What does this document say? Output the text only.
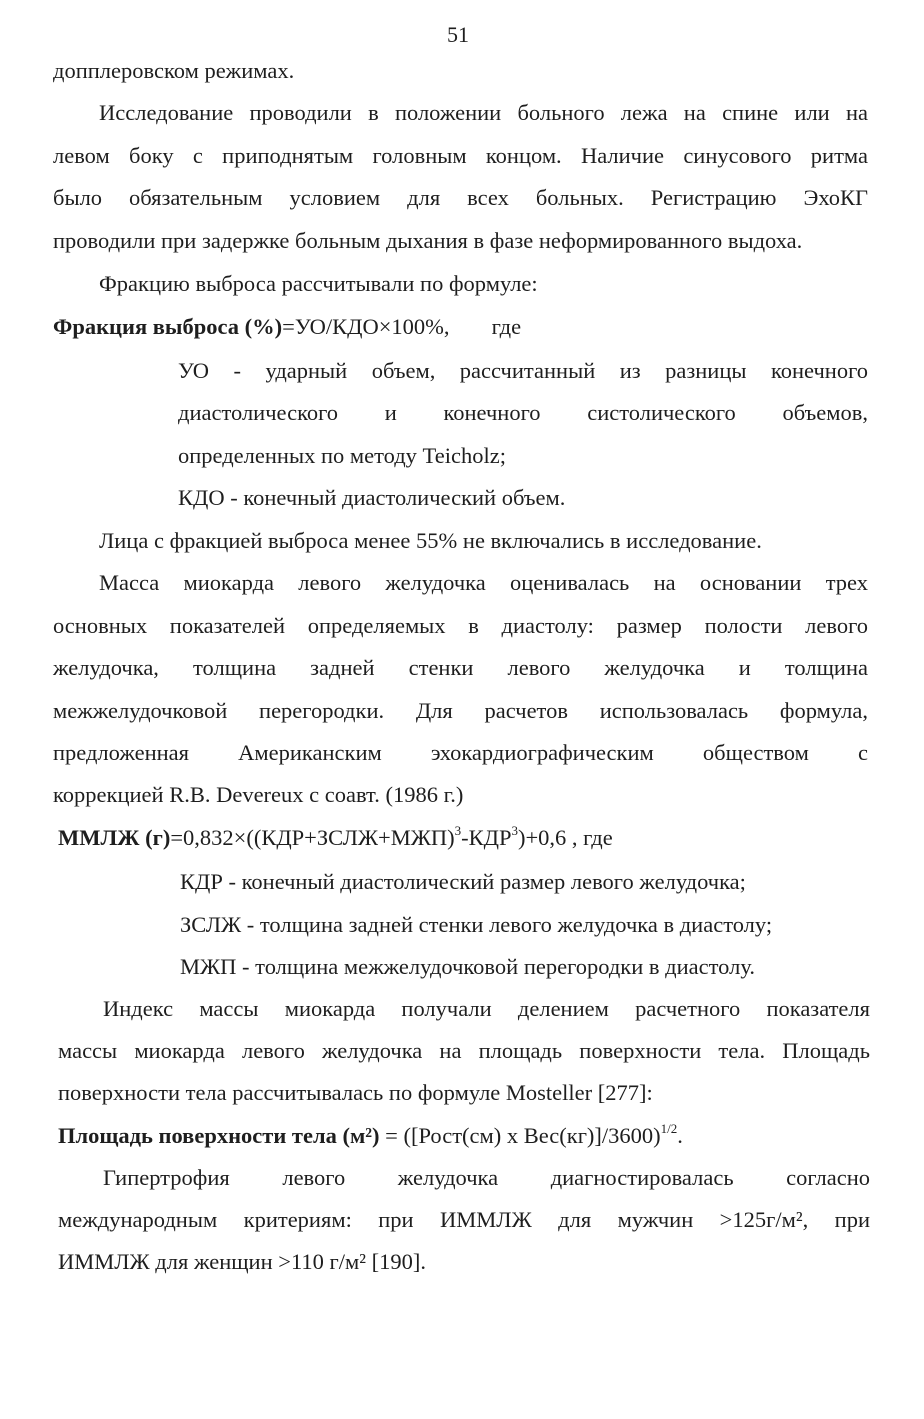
51
допплеровском режимах.
Исследование проводили в положении больного лежа на спине или на
левом боку с приподнятым головным концом. Наличие синусового ритма
было обязательным условием для всех больных. Регистрацию ЭхоКГ
проводили при задержке больным дыхания в фазе неформированного выдоха.
Фракцию выброса рассчитывали по формуле:
Фракция выброса (%)=УО/КДО×100%, где
УО - ударный объем, рассчитанный из разницы конечного
диастолического и конечного систолического объемов,
определенных по методу Teicholz;
КДО - конечный диастолический объем.
Лица с фракцией выброса менее 55% не включались в исследование.
Масса миокарда левого желудочка оценивалась на основании трех
основных показателей определяемых в диастолу: размер полости левого
желудочка, толщина задней стенки левого желудочка и толщина
межжелудочковой перегородки. Для расчетов использовалась формула,
предложенная Американским эхокардиографическим обществом с
коррекцией R.B. Devereux с соавт. (1986 г.)
ММЛЖ $(г)=0,832\times((КДР+ЗСЛЖ+МЖП)^3-КДР^3)+0,6$ , где
КДР - конечный диастолический размер левого желудочка;
ЗСЛЖ - толщина задней стенки левого желудочка в диастолу;
МЖП - толщина межжелудочковой перегородки в диастолу.
Индекс массы миокарда получали делением расчетного показателя
массы миокарда левого желудочка на площадь поверхности тела. Площадь
поверхности тела рассчитывалась по формуле Mosteller [277]:
Площадь поверхности тела (м²) = ([Рост(см) х Вес(кг)]/3600)$^{1/2}$.
Гипертрофия левого желудочка диагностировалась согласно
международным критериям: при ИММЛЖ для мужчин >125г/м², при
ИММЛЖ для женщин >110 г/м² [190].
